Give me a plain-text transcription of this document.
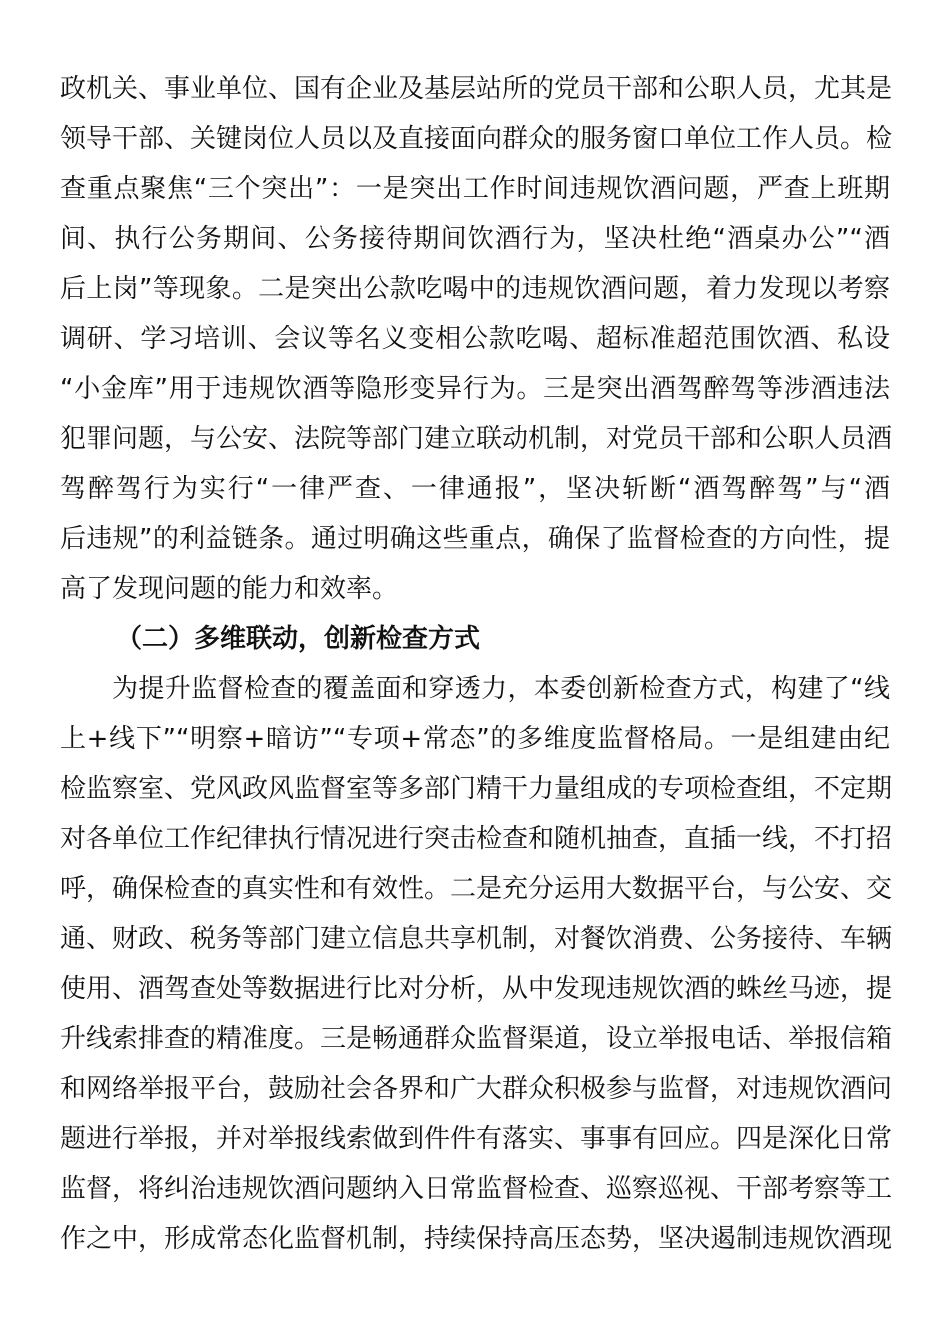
政机关、事业单位、国有企业及基层站所的党员干部和公职人员，尤其是
领导干部、关键岗位人员以及直接面向群众的服务窗口单位工作人员。检
查重点聚焦“三个突出”：一是突出工作时间违规饮酒问题，严查上班期
间、执行公务期间、公务接待期间饮酒行为，坚决杜绝“酒桌办公”“酒
后上岗”等现象。二是突出公款吃喝中的违规饮酒问题，着力发现以考察
调研、学习培训、会议等名义变相公款吃喝、超标准超范围饮酒、私设
“小金库”用于违规饮酒等隐形变异行为。三是突出酒驾醉驾等涉酒违法
犯罪问题，与公安、法院等部门建立联动机制，对党员干部和公职人员酒
驾醉驾行为实行“一律严查、一律通报”，坚决斩断“酒驾醉驾”与“酒
后违规”的利益链条。通过明确这些重点，确保了监督检查的方向性，提
高了发现问题的能力和效率。
（二）多维联动，创新检查方式
为提升监督检查的覆盖面和穿透力，本委创新检查方式，构建了“线
上+线下”“明察+暗访”“专项+常态”的多维度监督格局。一是组建由纪
检监察室、党风政风监督室等多部门精干力量组成的专项检查组，不定期
对各单位工作纪律执行情况进行突击检查和随机抽查，直插一线，不打招
呼，确保检查的真实性和有效性。二是充分运用大数据平台，与公安、交
通、财政、税务等部门建立信息共享机制，对餐饮消费、公务接待、车辆
使用、酒驾查处等数据进行比对分析，从中发现违规饮酒的蛛丝马迹，提
升线索排查的精准度。三是畅通群众监督渠道，设立举报电话、举报信箱
和网络举报平台，鼓励社会各界和广大群众积极参与监督，对违规饮酒问
题进行举报，并对举报线索做到件件有落实、事事有回应。四是深化日常
监督，将纠治违规饮酒问题纳入日常监督检查、巡察巡视、干部考察等工
作之中，形成常态化监督机制，持续保持高压态势，坚决遏制违规饮酒现
